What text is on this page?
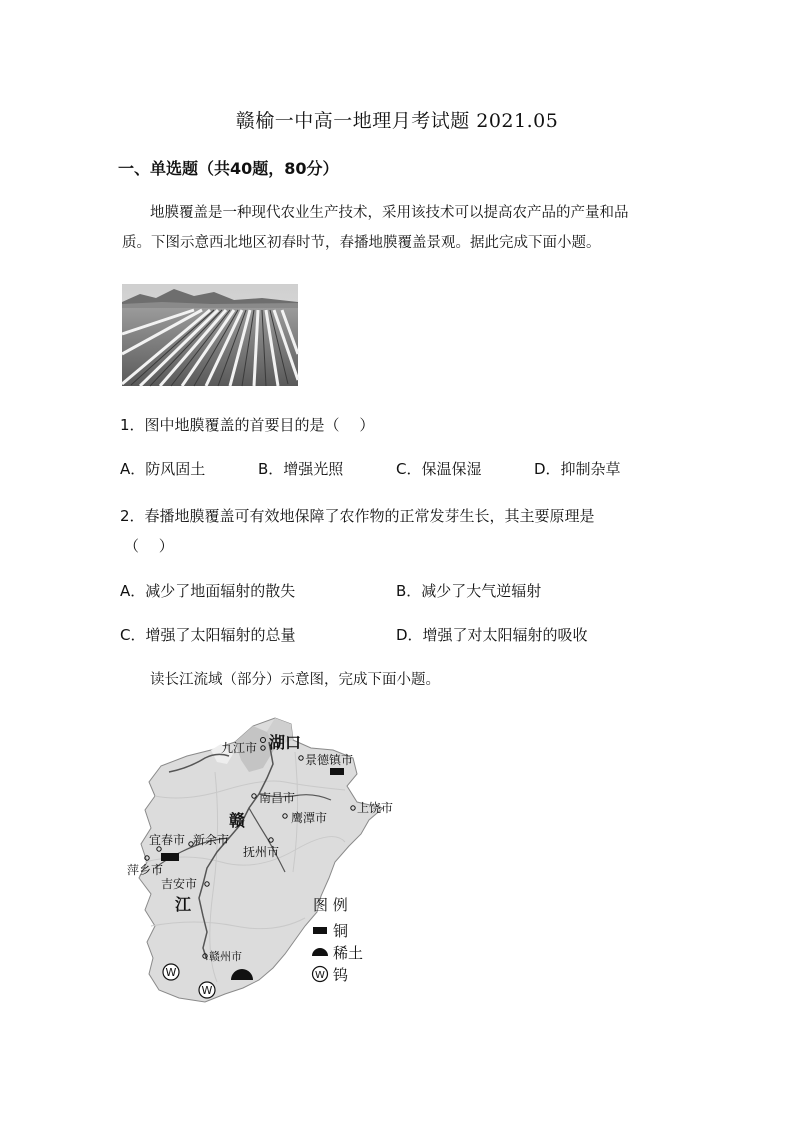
赣榆一中高一地理月考试题 2021.05
一、单选题（共40题，80分）
地膜覆盖是一种现代农业生产技术，采用该技术可以提高农产品的产量和品
质。下图示意西北地区初春时节，春播地膜覆盖景观。据此完成下面小题。
1．图中地膜覆盖的首要目的是（　 ）
A．防风固土	B．增强光照	C．保温保湿	D．抑制杂草
2．春播地膜覆盖可有效地保障了农作物的正常发芽生长，其主要原理是
（　 ）
A．减少了地面辐射的散失	B．减少了大气逆辐射
C．增强了太阳辐射的总量	D．增强了对太阳辐射的吸收
读长江流域（部分）示意图，完成下面小题。
湖口
九江市
景德镇市
南昌市
上饶市
鹰潭市
赣
宜春市 新余市
抚州市
萍乡市
吉安市
江
赣州市
W
W
图 例
铜
稀土
W 钨
